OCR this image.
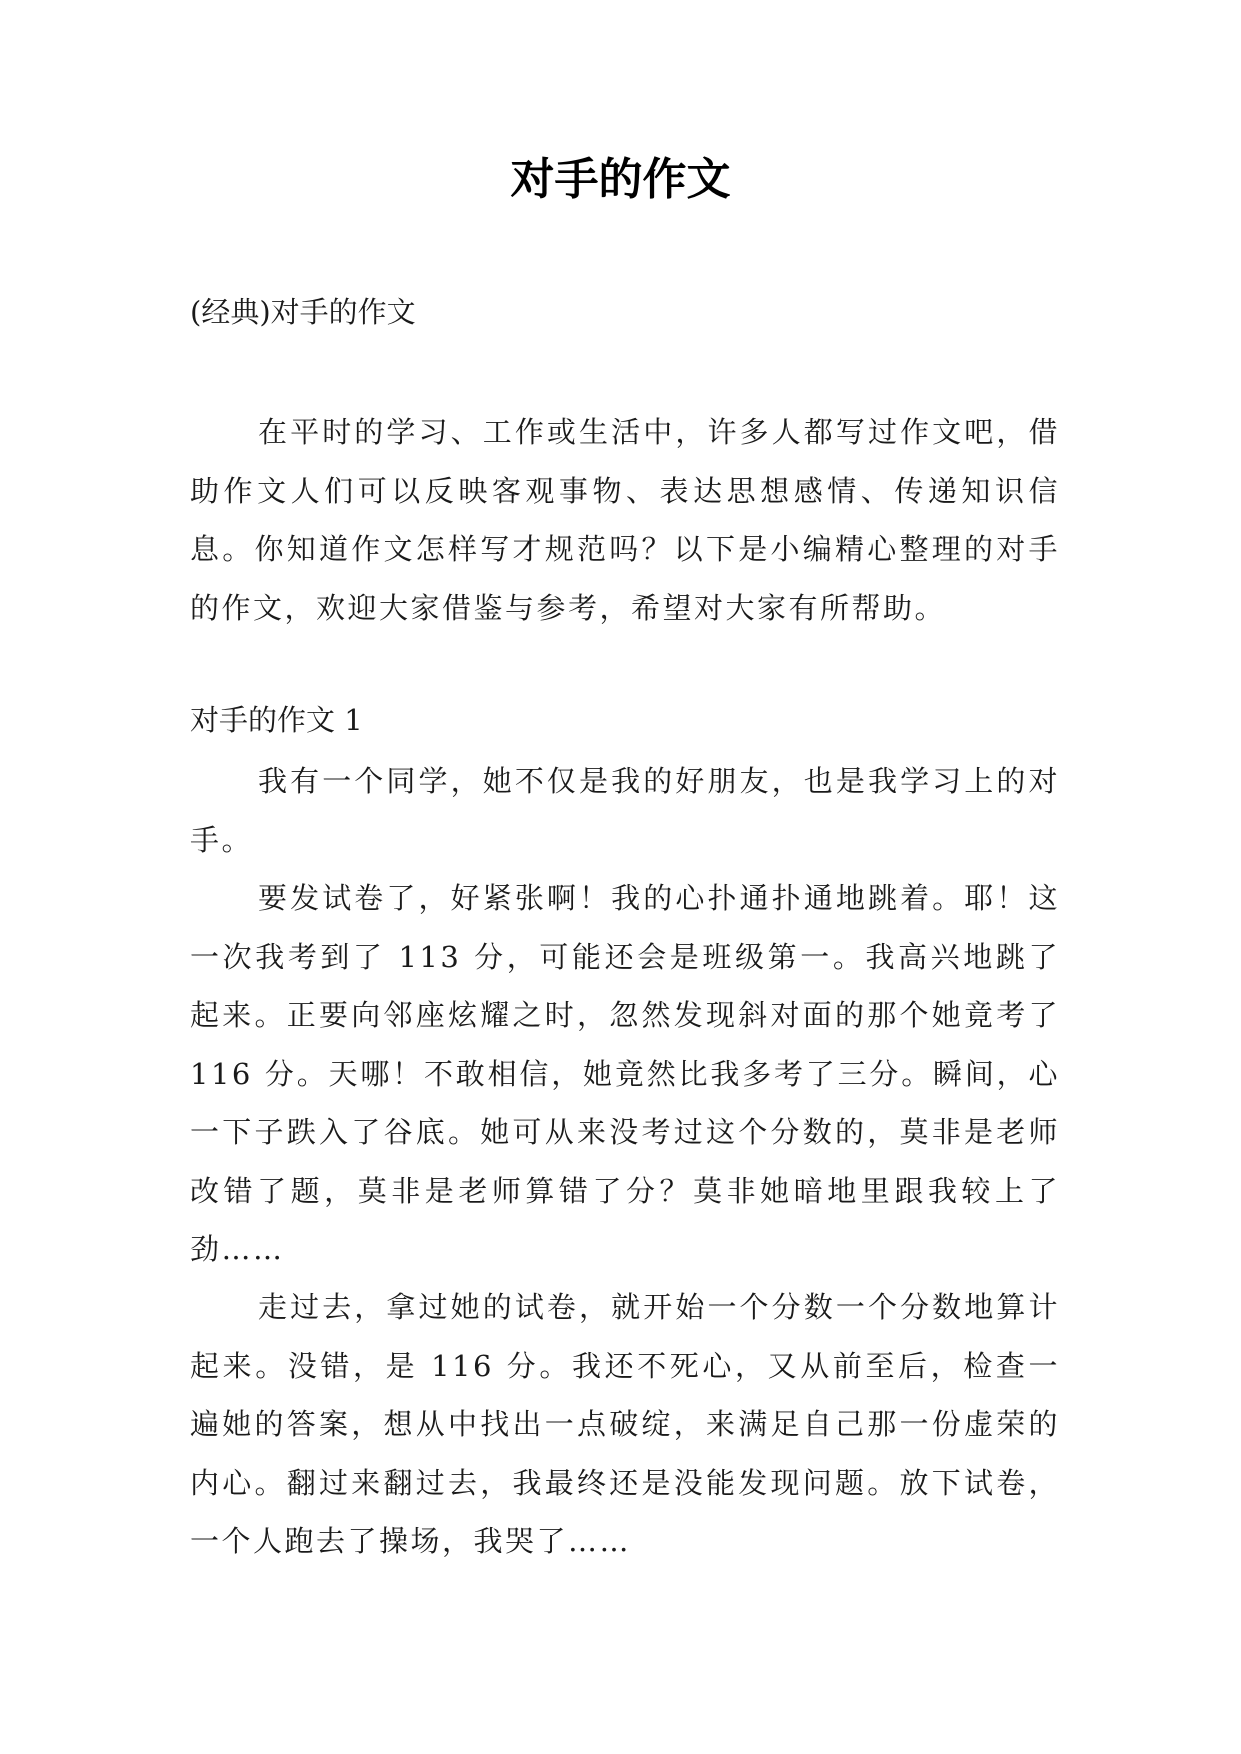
对手的作文

(经典)对手的作文

在平时的学习、工作或生活中，许多人都写过作文吧，借助作文人们可以反映客观事物、表达思想感情、传递知识信息。你知道作文怎样写才规范吗？以下是小编精心整理的对手的作文，欢迎大家借鉴与参考，希望对大家有所帮助。

对手的作文 1

我有一个同学，她不仅是我的好朋友，也是我学习上的对手。

要发试卷了，好紧张啊！我的心扑通扑通地跳着。耶！这一次我考到了 113 分，可能还会是班级第一。我高兴地跳了起来。正要向邻座炫耀之时，忽然发现斜对面的那个她竟考了 116 分。天哪！不敢相信，她竟然比我多考了三分。瞬间，心一下子跌入了谷底。她可从来没考过这个分数的，莫非是老师改错了题，莫非是老师算错了分？莫非她暗地里跟我较上了劲……

走过去，拿过她的试卷，就开始一个分数一个分数地算计起来。没错，是 116 分。我还不死心，又从前至后，检查一遍她的答案，想从中找出一点破绽，来满足自己那一份虚荣的内心。翻过来翻过去，我最终还是没能发现问题。放下试卷，一个人跑去了操场，我哭了……
